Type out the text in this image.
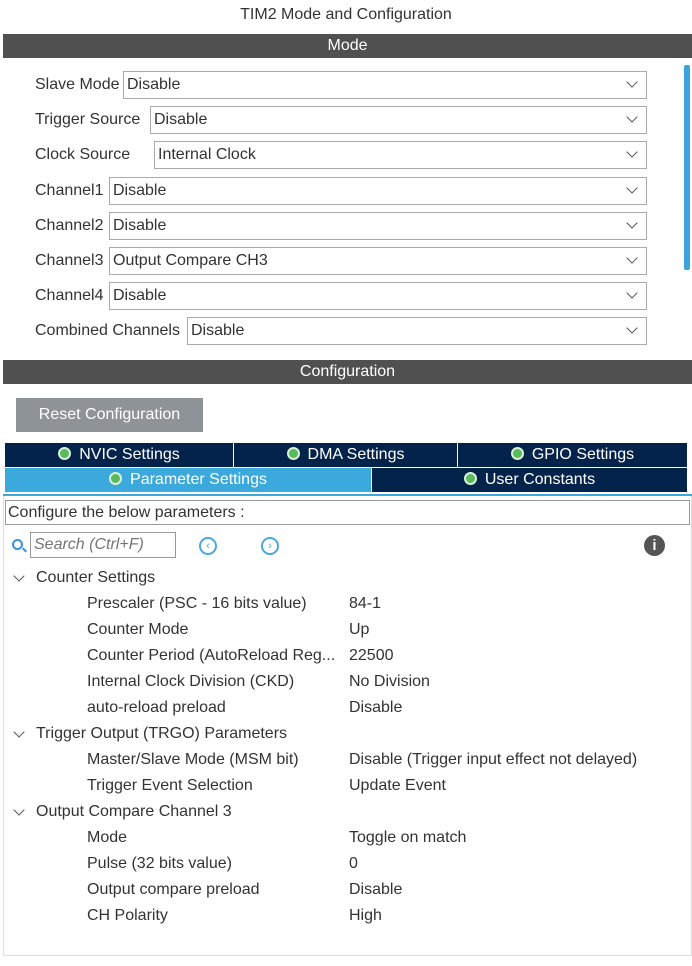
TIM2 Mode and Configuration
Mode
Slave Mode Disable
Trigger Source Disable
Clock Source Internal Clock
Channel1 Disable
Channel2 Disable
Channel3 Output Compare CH3
Channel4 Disable
Combined Channels Disable
Configuration
Reset Configuration
NVIC Settings	DMA Settings	GPIO Settings
Parameter Settings	User Constants
Configure the below parameters :
Search (Ctrl+F)
‹	›	i
Counter Settings
Prescaler (PSC - 16 bits value)	84-1
Counter Mode	Up
Counter Period (AutoReload Reg... 22500
Internal Clock Division (CKD)	No Division
auto-reload preload	Disable
Trigger Output (TRGO) Parameters
Master/Slave Mode (MSM bit)	Disable (Trigger input effect not delayed)
Trigger Event Selection	Update Event
Output Compare Channel 3
Mode	Toggle on match
Pulse (32 bits value)	0
Output compare preload	Disable
CH Polarity	High
